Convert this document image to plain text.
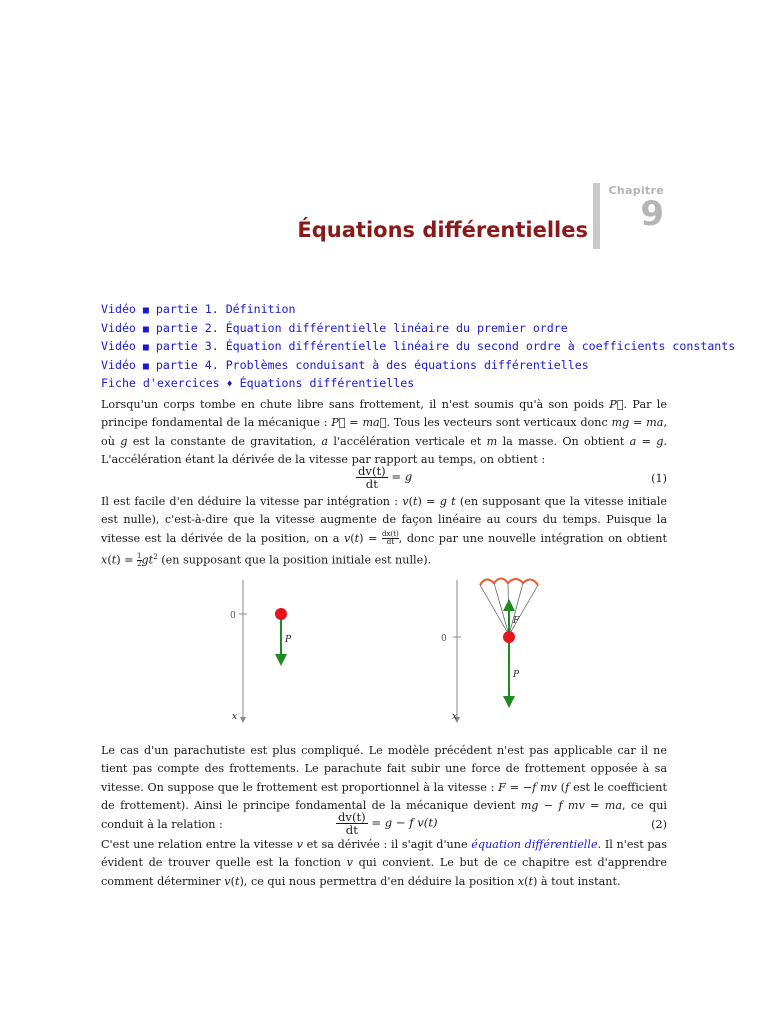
Chapitre
9
Équations différentielles
Vidéo ■ partie 1. Définition
Vidéo ■ partie 2. Équation différentielle linéaire du premier ordre
Vidéo ■ partie 3. Équation différentielle linéaire du second ordre à coefficients constants
Vidéo ■ partie 4. Problèmes conduisant à des équations différentielles
Fiche d'exercices ♦ Équations différentielles

Lorsqu'un corps tombe en chute libre sans frottement, il n'est soumis qu'à son poids P⃗. Par le principe fondamental de la mécanique : P⃗ = ma⃗. Tous les vecteurs sont verticaux donc mg = ma, où g est la constante de gravitation, a l'accélération verticale et m la masse. On obtient a = g. L'accélération étant la dérivée de la vitesse par rapport au temps, on obtient :

$\frac{dv(t)}{dt} = g$	(1)

Il est facile d'en déduire la vitesse par intégration : v(t) = g t (en supposant que la vitesse initiale est nulle), c'est-à-dire que la vitesse augmente de façon linéaire au cours du temps. Puisque la vitesse est la dérivée de la position, on a $v(t) = \frac{dx(t)}{dt}$, donc par une nouvelle intégration on obtient $x(t) = \frac{1}{2}gt^2$ (en supposant que la position initiale est nulle).

0
x
P	0
x
F
P

Le cas d'un parachutiste est plus compliqué. Le modèle précédent n'est pas applicable car il ne tient pas compte des frottements. Le parachute fait subir une force de frottement opposée à sa vitesse. On suppose que le frottement est proportionnel à la vitesse : F = −f mv (f est le coefficient de frottement). Ainsi le principe fondamental de la mécanique devient mg − f mv = ma, ce qui conduit à la relation :	$\frac{dv(t)}{dt} = g - f$ v(t)	(2)

C'est une relation entre la vitesse v et sa dérivée : il s'agit d'une équation différentielle. Il n'est pas évident de trouver quelle est la fonction v qui convient. Le but de ce chapitre est d'apprendre comment déterminer v(t), ce qui nous permettra d'en déduire la position x(t) à tout instant.
